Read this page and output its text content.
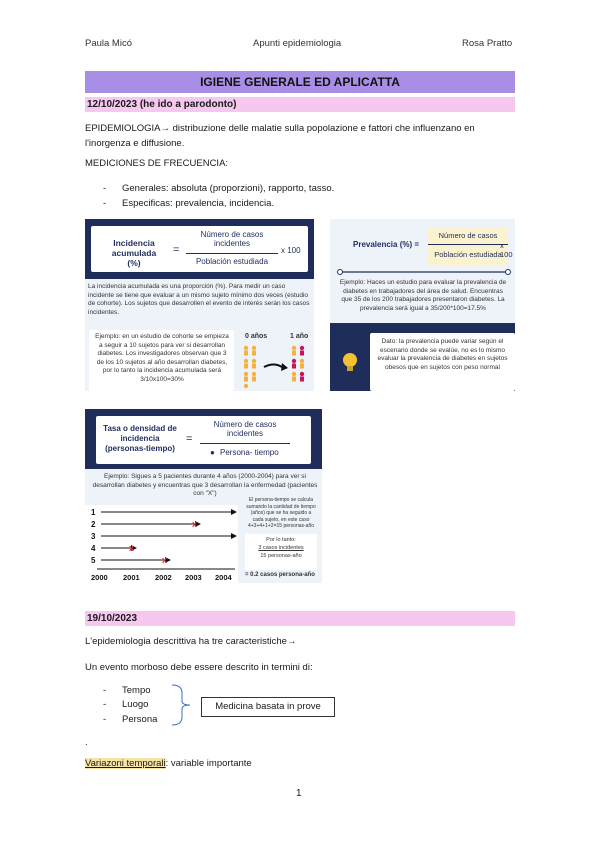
Paula Micó	Apunti epidemiologia	Rosa Pratto
IGIENE GENERALE ED APLICATTA
12/10/2023 (he ido a parodonto)
EPIDEMIOLOGIA→ distribuzione delle malatie sulla popolazione e fattori che influenzano en l'inorgenza e diffusione.
MEDICIONES DE FRECUENCIA:
- Generales: absoluta (proporzioni), rapporto, tasso.
- Especificas: prevalencia, incidencia.
Incidencia acumulada (%)
=
Número de casos incidentes
Población estudiada
x 100
La incidencia acumulada es una proporción (%). Para medir un caso incidente se tiene que evaluar a un mismo sujeto mínimo dos veces (estudio de cohorte). Los sujetos que desarrollen el evento de interés serán los casos incidentes.
Ejemplo: en un estudio de cohorte se empieza a seguir a 10 sujetos para ver si desarrollan diabetes. Los investigadores observan que 3 de los 10 sujetos al año desarrollan diabetes, por lo tanto la incidencia acumulada será 3/10x100=30%
0 años	1 año
Prevalencia (%) =
Número de casos
Población estudiada
x 100
Ejemplo: Haces un estudio para evaluar la prevalencia de diabetes en trabajadores del área de salud. Encuentras que 35 de los 200 trabajadores presentaron diabetes. La prevalencia será igual a 35/200*100=17.5%
Dato: la prevalencia puede variar según el escenario donde se evalúe, no es lo mismo evaluar la prevalencia de diabetes en sujetos obesos que en sujetos con peso normal
Tasa o densidad de incidencia (personas-tiempo)
=
Número de casos incidentes
● Persona- tiempo
Ejemplo: Sigues a 5 pacientes durante 4 años (2000-2004) para ver si desarrollan diabetes y encuentras que 3 desarrollan la enfermedad (pacientes con "X")
1
2
3
4
5
x
x
x
2000 2001 2002 2003 2004
El persona-tiempo se calcula sumando la cantidad de tiempo (años) que se ha seguido a cada sujeto, en este caso 4+3+4+1+2=15 personas-año
Por lo tanto:
3 casos incidentes
15 personas-año
= 0.2 casos persona-año
19/10/2023
L'epidemiologia descrittiva ha tre caracteristiche→
Un evento morboso debe essere descrito in termini di:
- Tempo
- Luogo
- Persona
Medicina basata in prove
.
Variazoni temporali: variable importante
1
